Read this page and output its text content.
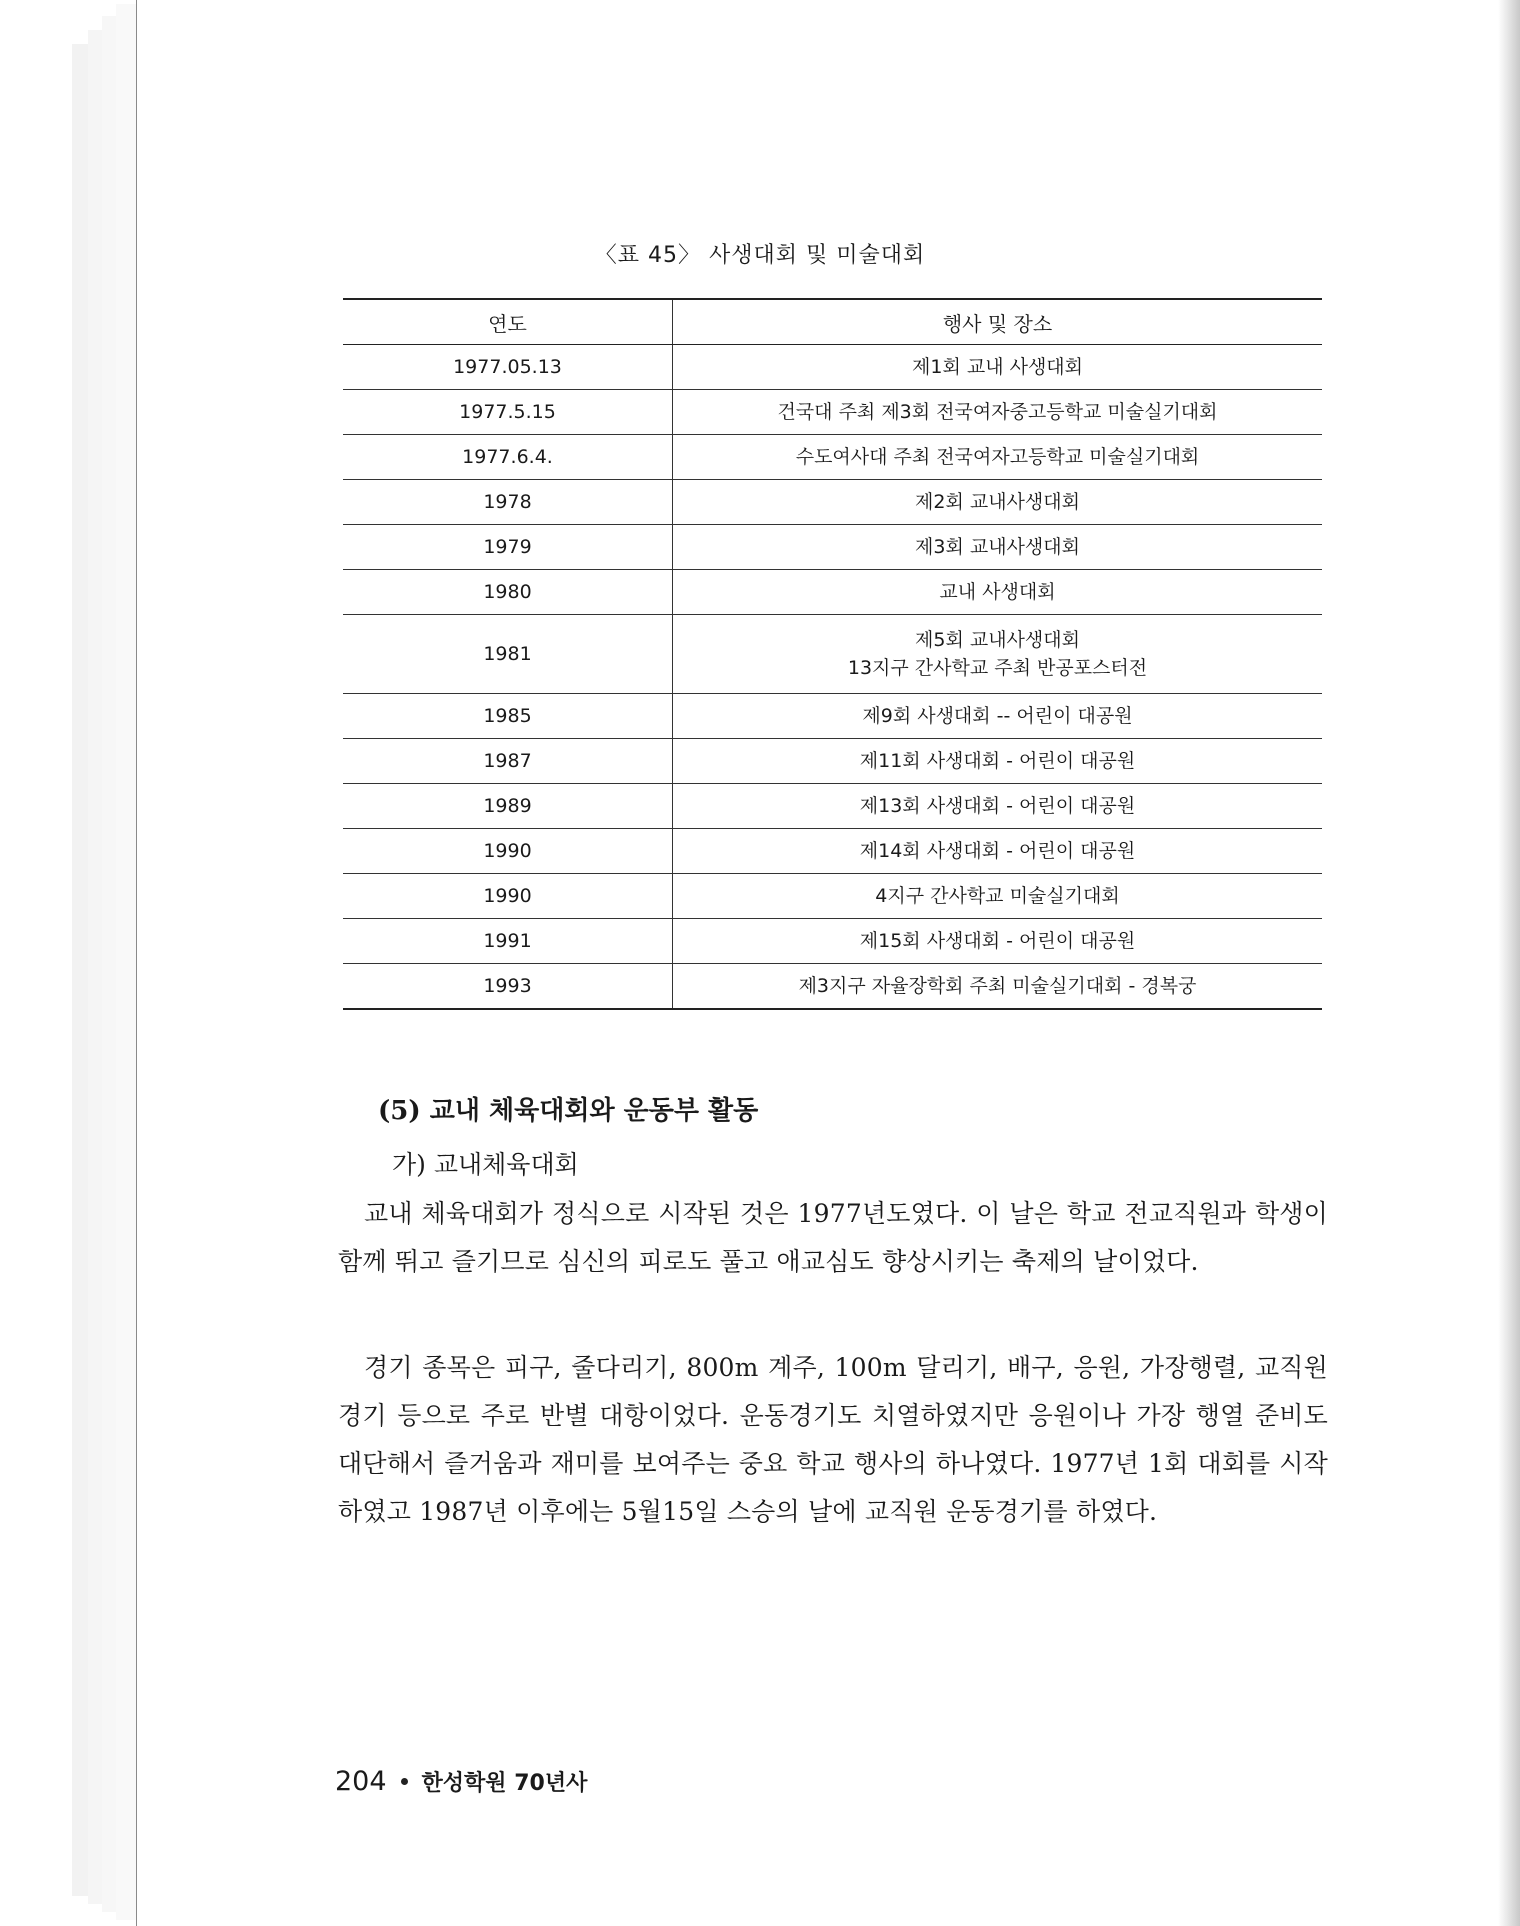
〈표 45〉 사생대회 및 미술대회
연도	행사 및 장소
1977.05.13	제1회 교내 사생대회

1977.5.15	건국대 주최 제3회 전국여자중고등학교 미술실기대회

1977.6.4.	수도여사대 주최 전국여자고등학교 미술실기대회

1978	제2회 교내사생대회

1979	제3회 교내사생대회

1980	교내 사생대회

1981	제5회 교내사생대회
13지구 간사학교 주최 반공포스터전

1985	제9회 사생대회 -- 어린이 대공원

1987	제11회 사생대회 - 어린이 대공원

1989	제13회 사생대회 - 어린이 대공원

1990	제14회 사생대회 - 어린이 대공원

1990	4지구 간사학교 미술실기대회

1991	제15회 사생대회 - 어린이 대공원

1993	제3지구 자율장학회 주최 미술실기대회 - 경복궁
(5) 교내 체육대회와 운동부 활동
가) 교내체육대회

교내 체육대회가 정식으로 시작된 것은 1977년도였다. 이 날은 학교 전교직원과 학생이 함께 뛰고 즐기므로 심신의 피로도 풀고 애교심도 향상시키는 축제의 날이었다.

경기 종목은 피구, 줄다리기, 800m 계주, 100m 달리기, 배구, 응원, 가장행렬, 교직원 경기 등으로 주로 반별 대항이었다. 운동경기도 치열하였지만 응원이나 가장 행열 준비도 대단해서 즐거움과 재미를 보여주는 중요 학교 행사의 하나였다. 1977년 1회 대회를 시작하였고 1987년 이후에는 5월15일 스승의 날에 교직원 운동경기를 하였다.

204 한성학원 70년사
